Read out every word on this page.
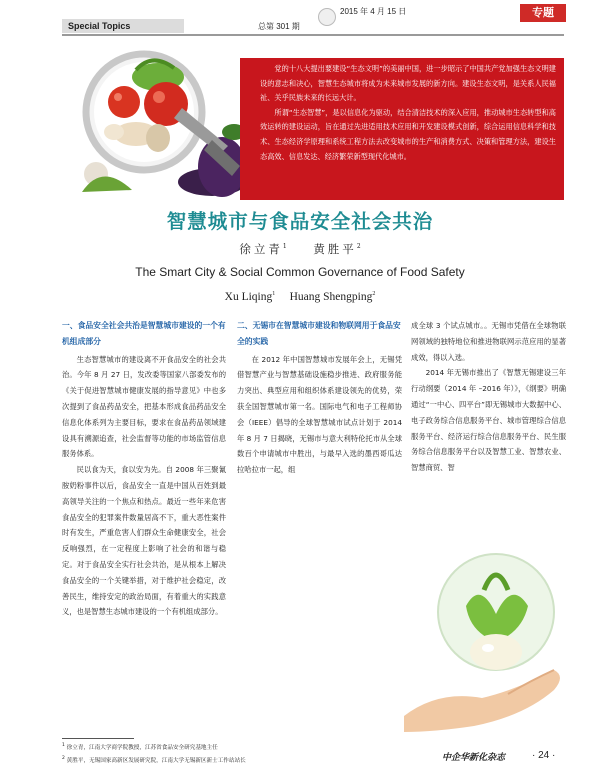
Special Topics	总第 301 期
2015 年 4 月 15 日	专题

党的十八大提出要建设“生态文明”的美丽中国，进一步昭示了中国共产党加强生态文明建设的意志和决心，智慧生态城市将成为未来城市发展的新方向。建设生态文明，是关系人民福祉、关乎民族未来的长远大计。

所谓“生态智慧”，是以信息化为驱动，结合清洁技术的深入应用，推动城市生态转型和高效运转的建设运动，旨在通过先进适用技术应用和开发建设模式创新，综合运用信息科学和技术、生态经济学原理和系统工程方法去改变城市的生产和消费方式、决策和管理方法，建设生态高效、信息发达、经济繁荣新型现代化城市。

智慧城市与食品安全社会共治
徐立青$^1$ 黄胜平$^2$
The Smart City & Social Common Governance of Food Safety
Xu Liqing$^1$ Huang Shengping$^2$
一、食品安全社会共治是智慧城市建设的一个有机组成部分

生态智慧城市的建设离不开食品安全的社会共治。今年 8 月 27 日，发改委等国家八部委发布的《关于促进智慧城市健康发展的指导意见》中也多次提到了食品药品安全，把基本形成食品药品安全信息化体系列为主要目标，要求在食品药品领域建设具有溯源追查，社会监督等功能的市场监管信息服务体系。

民以食为天，食以安为先。自 2008 年三聚氰胺奶粉事件以后，食品安全一直是中国从百姓到最高领导关注的一个焦点和热点。最近一些年来危害食品安全的犯罪案件数量居高不下，重大恶性案件时有发生，严重危害人们群众生命健康安全，社会反响强烈，在一定程度上影响了社会的和谐与稳定。对于食品安全实行社会共治，是从根本上解决食品安全的一个关键举措，对于维护社会稳定，改善民生，维持安定的政治局面，有着重大的实践意义，也是智慧生态城市建设的一个有机组成部分。

二、无锡市在智慧城市建设和物联网用于食品安全的实践

在 2012 年中国智慧城市发展年会上，无锡凭借智慧产业与智慧基础设施稳步推进、政府服务能力突出、典型应用和组织体系建设领先的优势，荣获全国智慧城市第一名。国际电气和电子工程师协会（IEEE）倡导的全球智慧城市试点计划于 2014 年 8 月 7 日揭晓，无锡市与意大利特伦托市从全球数百个申请城市中胜出，与最早入选的墨西哥瓜达拉哈拉市一起，组

成全球 3 个试点城市。。无锡市凭借在全球物联网领域的独特地位和推进物联网示范应用的显著成效，得以入选。

2014 年无锡市推出了《智慧无锡建设三年行动纲要（2014 年 –2016 年）》，《纲要》明确通过“一中心、四平台”即无锡城市大数据中心、电子政务综合信息服务平台、城市管理综合信息服务平台、经济运行综合信息服务平台、民生服务综合信息服务平台以及智慧工业、智慧农业、智慧商贸、智

$^1$ 徐立青，江南大学商学院教授，江苏省食品安全研究基地主任
$^2$ 黄胜平，无锡国家高新区发展研究院，江南大学无锡新区新士工作站站长	中企华新化杂志	· 24 ·
